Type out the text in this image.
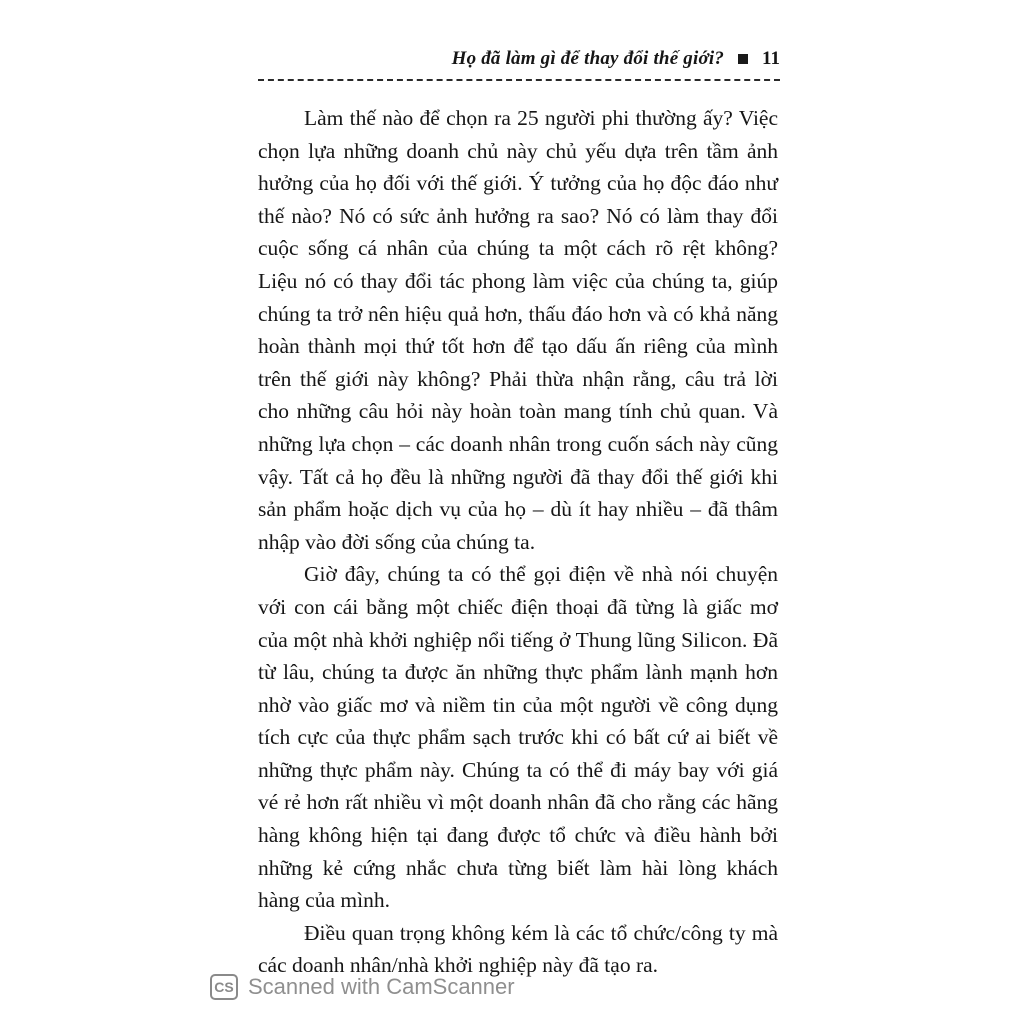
Họ đã làm gì để thay đổi thế giới? 11

Làm thế nào để chọn ra 25 người phi thường ấy? Việc chọn lựa những doanh chủ này chủ yếu dựa trên tầm ảnh hưởng của họ đối với thế giới. Ý tưởng của họ độc đáo như thế nào? Nó có sức ảnh hưởng ra sao? Nó có làm thay đổi cuộc sống cá nhân của chúng ta một cách rõ rệt không? Liệu nó có thay đổi tác phong làm việc của chúng ta, giúp chúng ta trở nên hiệu quả hơn, thấu đáo hơn và có khả năng hoàn thành mọi thứ tốt hơn để tạo dấu ấn riêng của mình trên thế giới này không? Phải thừa nhận rằng, câu trả lời cho những câu hỏi này hoàn toàn mang tính chủ quan. Và những lựa chọn – các doanh nhân trong cuốn sách này cũng vậy. Tất cả họ đều là những người đã thay đổi thế giới khi sản phẩm hoặc dịch vụ của họ – dù ít hay nhiều – đã thâm nhập vào đời sống của chúng ta.

Giờ đây, chúng ta có thể gọi điện về nhà nói chuyện với con cái bằng một chiếc điện thoại đã từng là giấc mơ của một nhà khởi nghiệp nổi tiếng ở Thung lũng Silicon. Đã từ lâu, chúng ta được ăn những thực phẩm lành mạnh hơn nhờ vào giấc mơ và niềm tin của một người về công dụng tích cực của thực phẩm sạch trước khi có bất cứ ai biết về những thực phẩm này. Chúng ta có thể đi máy bay với giá vé rẻ hơn rất nhiều vì một doanh nhân đã cho rằng các hãng hàng không hiện tại đang được tổ chức và điều hành bởi những kẻ cứng nhắc chưa từng biết làm hài lòng khách hàng của mình.

Điều quan trọng không kém là các tổ chức/công ty mà các doanh nhân/nhà khởi nghiệp này đã tạo ra.

CS Scanned with CamScanner
